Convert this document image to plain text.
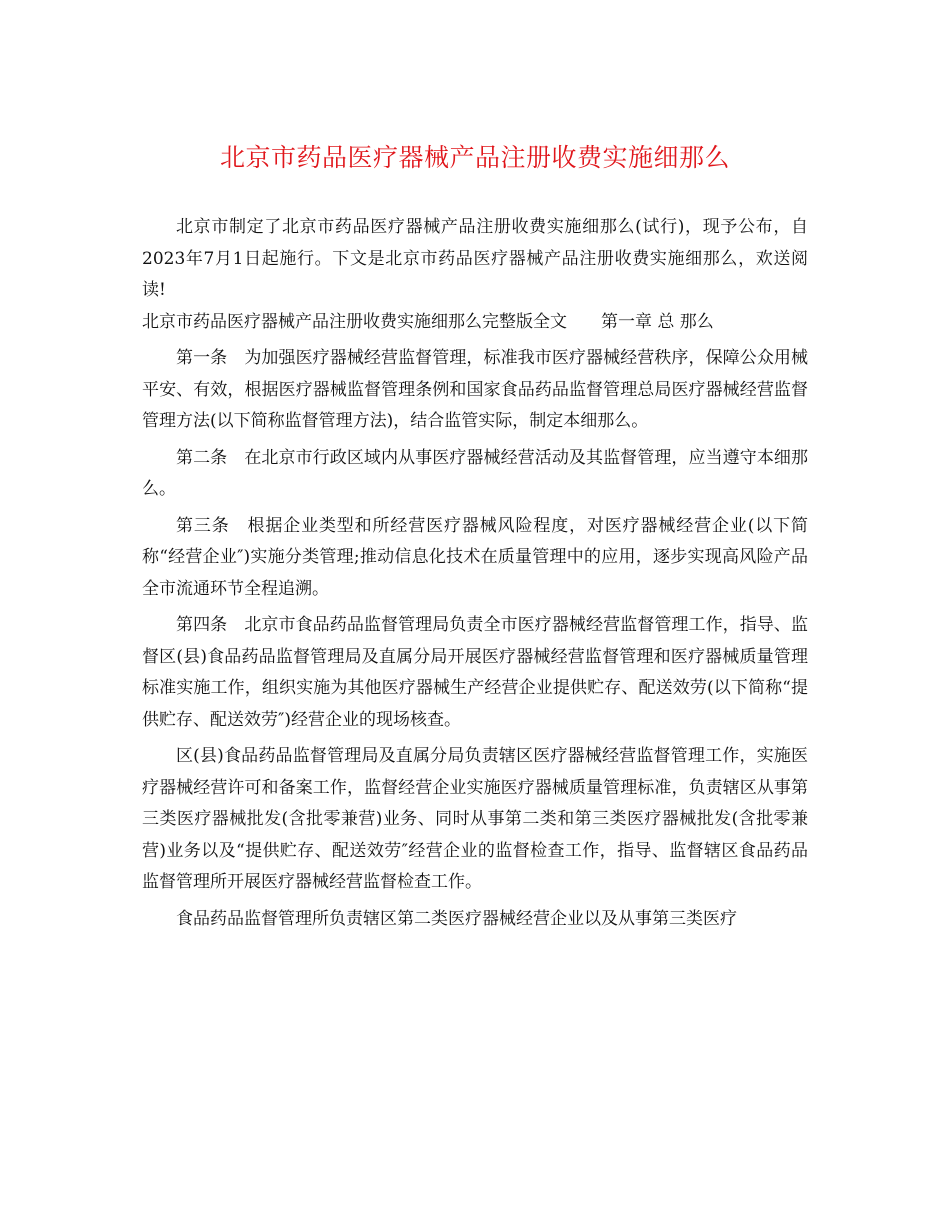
北京市药品医疗器械产品注册收费实施细那么

北京市制定了北京市药品医疗器械产品注册收费实施细那么(试行)，现予公布，自2023年7月1日起施行。下文是北京市药品医疗器械产品注册收费实施细那么，欢送阅读!

北京市药品医疗器械产品注册收费实施细那么完整版全文　　第一章 总 那么

第一条　为加强医疗器械经营监督管理，标准我市医疗器械经营秩序，保障公众用械平安、有效，根据医疗器械监督管理条例和国家食品药品监督管理总局医疗器械经营监督管理方法(以下简称监督管理方法)，结合监管实际，制定本细那么。

第二条　在北京市行政区域内从事医疗器械经营活动及其监督管理，应当遵守本细那么。

第三条　根据企业类型和所经营医疗器械风险程度，对医疗器械经营企业(以下简称“经营企业″)实施分类管理;推动信息化技术在质量管理中的应用，逐步实现高风险产品全市流通环节全程追溯。

第四条　北京市食品药品监督管理局负责全市医疗器械经营监督管理工作，指导、监督区(县)食品药品监督管理局及直属分局开展医疗器械经营监督管理和医疗器械质量管理标准实施工作，组织实施为其他医疗器械生产经营企业提供贮存、配送效劳(以下简称“提供贮存、配送效劳″)经营企业的现场核查。

区(县)食品药品监督管理局及直属分局负责辖区医疗器械经营监督管理工作，实施医疗器械经营许可和备案工作，监督经营企业实施医疗器械质量管理标准，负责辖区从事第三类医疗器械批发(含批零兼营)业务、同时从事第二类和第三类医疗器械批发(含批零兼营)业务以及“提供贮存、配送效劳″经营企业的监督检查工作，指导、监督辖区食品药品监督管理所开展医疗器械经营监督检查工作。

食品药品监督管理所负责辖区第二类医疗器械经营企业以及从事第三类医疗
